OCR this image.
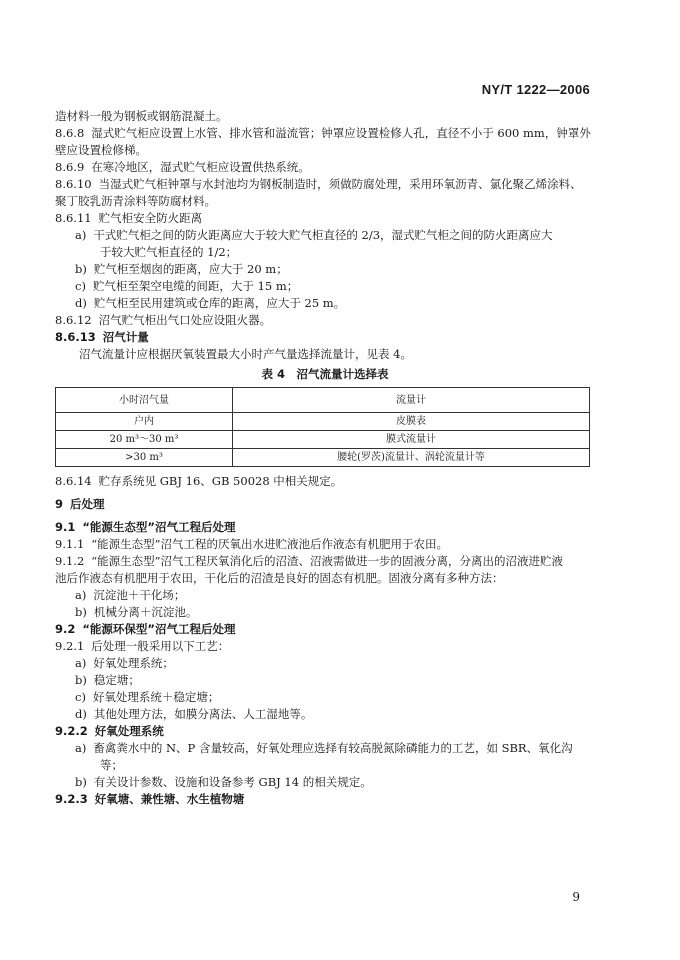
NY/T 1222—2006
造材料一般为钢板或钢筋混凝土。
8.6.8 湿式贮气柜应设置上水管、排水管和溢流管；钟罩应设置检修人孔，直径不小于 600 mm，钟罩外
壁应设置检修梯。
8.6.9 在寒冷地区，湿式贮气柜应设置供热系统。
8.6.10 当湿式贮气柜钟罩与水封池均为钢板制造时，须做防腐处理，采用环氧沥青、氯化聚乙烯涂料、
聚丁胶乳沥青涂料等防腐材料。
8.6.11 贮气柜安全防火距离
a) 干式贮气柜之间的防火距离应大于较大贮气柜直径的 2/3，湿式贮气柜之间的防火距离应大
于较大贮气柜直径的 1/2；
b) 贮气柜至烟囱的距离，应大于 20 m；
c) 贮气柜至架空电缆的间距，大于 15 m；
d) 贮气柜至民用建筑或仓库的距离，应大于 25 m。
8.6.12 沼气贮气柜出气口处应设阻火器。
8.6.13 沼气计量
沼气流量计应根据厌氧装置最大小时产气量选择流量计，见表 4。
表 4　沼气流量计选择表
小时沼气量	流量计
户内	皮膜表
20 m³～30 m³	膜式流量计
>30 m³	腰轮(罗茨)流量计、涡轮流量计等
8.6.14 贮存系统见 GBJ 16、GB 50028 中相关规定。
9 后处理
9.1 “能源生态型”沼气工程后处理
9.1.1 “能源生态型”沼气工程的厌氧出水进贮液池后作液态有机肥用于农田。
9.1.2 “能源生态型”沼气工程厌氧消化后的沼渣、沼液需做进一步的固液分离，分离出的沼液进贮液
池后作液态有机肥用于农田，干化后的沼渣是良好的固态有机肥。固液分离有多种方法：
a) 沉淀池＋干化场；
b) 机械分离＋沉淀池。
9.2 “能源环保型”沼气工程后处理
9.2.1 后处理一般采用以下工艺：
a) 好氧处理系统；
b) 稳定塘；
c) 好氧处理系统＋稳定塘；
d) 其他处理方法，如膜分离法、人工湿地等。
9.2.2 好氧处理系统
a) 畜禽粪水中的 N、P 含量较高，好氧处理应选择有较高脱氮除磷能力的工艺，如 SBR、氧化沟
等；
b) 有关设计参数、设施和设备参考 GBJ 14 的相关规定。
9.2.3 好氧塘、兼性塘、水生植物塘
9
